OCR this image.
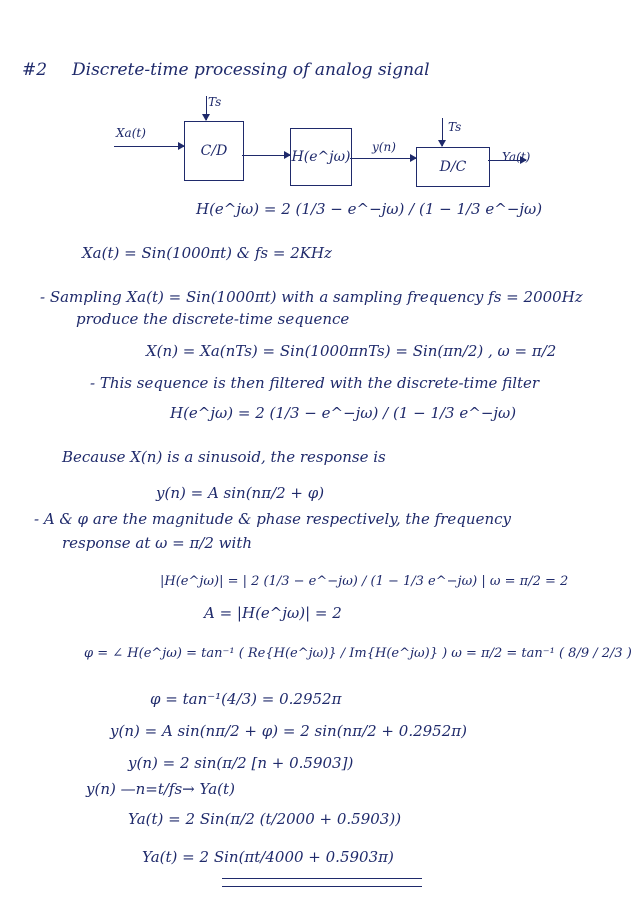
#2 Discrete-time processing of analog signal
Xa(t)
Ts
C/D	H(e^jω)
y(n)
Ts
D/C
Ya(t)
H(e^jω) = 2 (1/3 − e^−jω) / (1 − 1/3 e^−jω)
Xa(t) = Sin(1000πt) & fs = 2KHz
- Sampling Xa(t) = Sin(1000πt) with a sampling frequency fs = 2000Hz
produce the discrete-time sequence
X(n) = Xa(nTs) = Sin(1000πnTs) = Sin(πn/2) , ω = π/2
- This sequence is then filtered with the discrete-time filter
H(e^jω) = 2 (1/3 − e^−jω) / (1 − 1/3 e^−jω)
Because X(n) is a sinusoid, the response is
y(n) = A sin(nπ/2 + φ)
- A & φ are the magnitude & phase respectively, the frequency
response at ω = π/2 with
|H(e^jω)| = | 2 (1/3 − e^−jω) / (1 − 1/3 e^−jω) | ω = π/2 = 2
A = |H(e^jω)| = 2
φ = ∠ H(e^jω) = tan⁻¹ ( Re{H(e^jω)} / Im{H(e^jω)} ) ω = π/2 = tan⁻¹ ( 8/9 / 2/3 )
φ = tan⁻¹(4/3) = 0.2952π
y(n) = A sin(nπ/2 + φ) = 2 sin(nπ/2 + 0.2952π)
y(n) = 2 sin(π/2 [n + 0.5903])
y(n) —n=t/fs→ Ya(t)
Ya(t) = 2 Sin(π/2 (t/2000 + 0.5903))
Ya(t) = 2 Sin(πt/4000 + 0.5903π)
